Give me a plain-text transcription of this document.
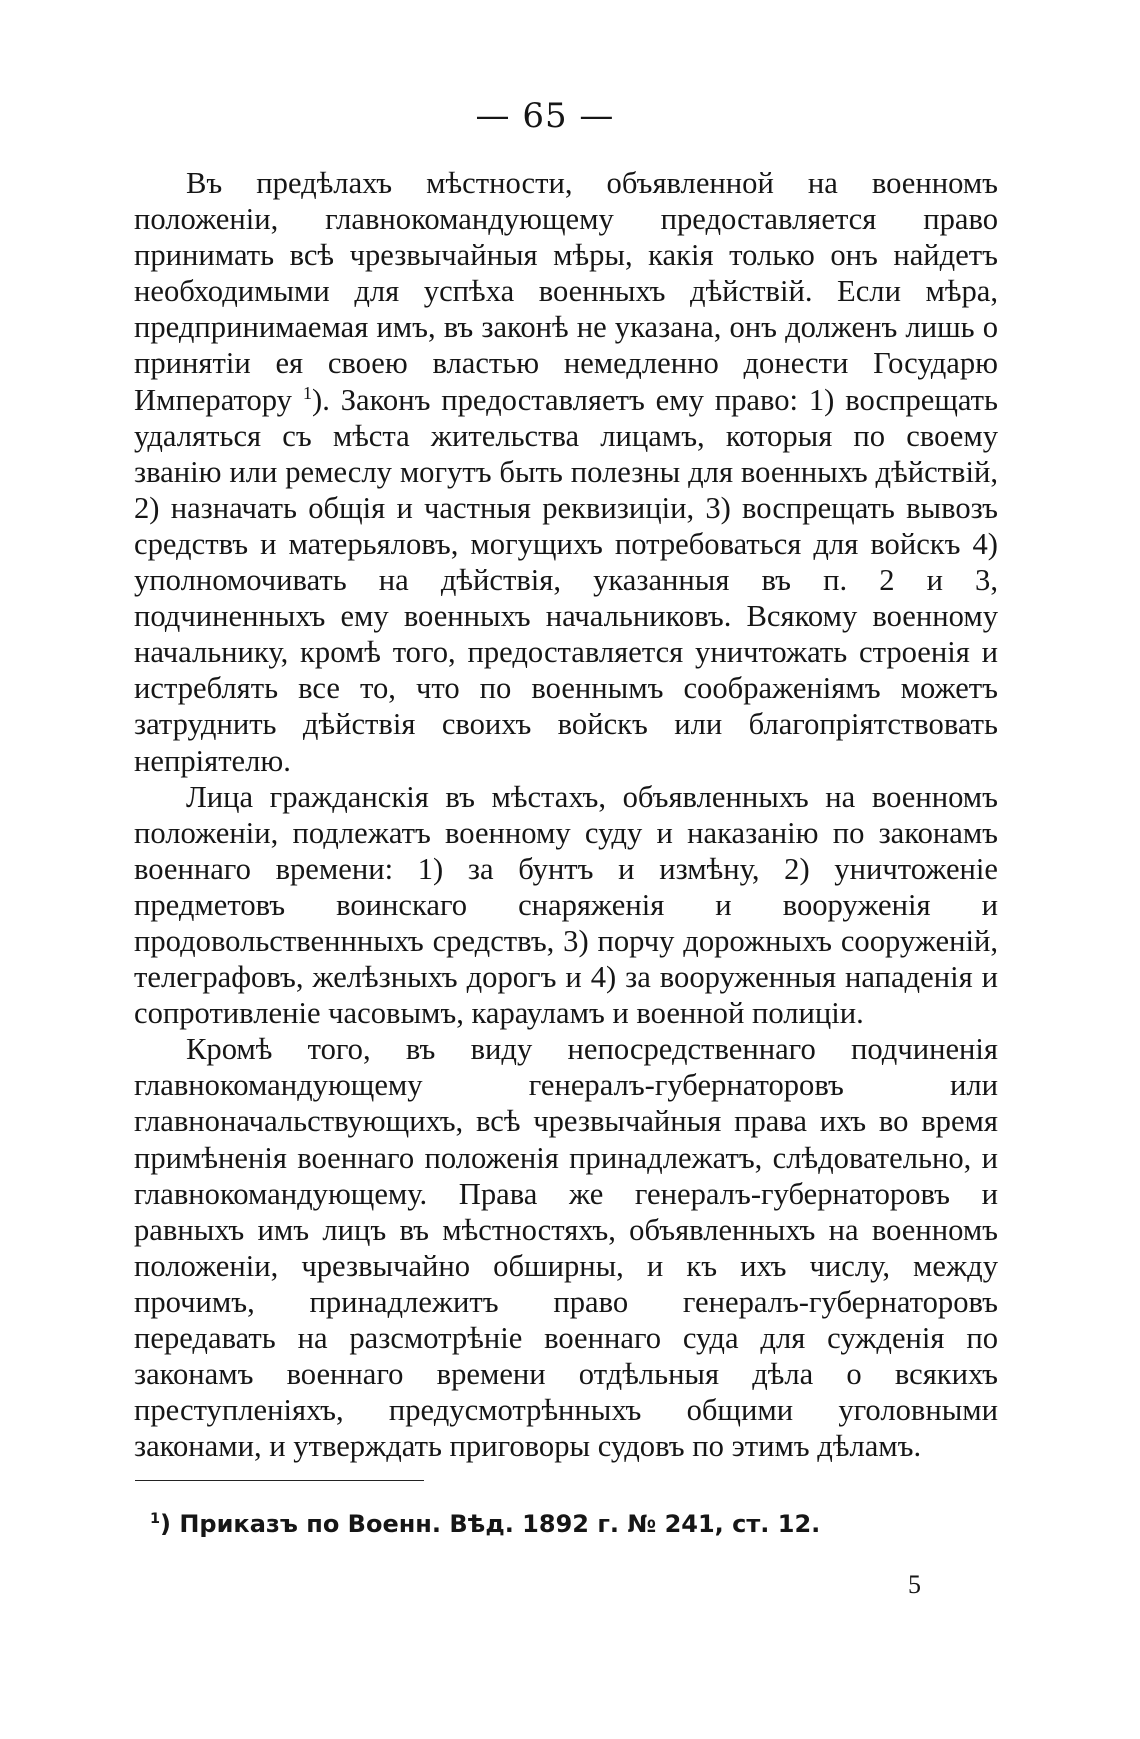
— 65 —

Въ предѣлахъ мѣстности, объявленной на военномъ положеніи, главнокомандующему предоставляется право принимать всѣ чрезвычайныя мѣры, какія только онъ найдетъ необходимыми для успѣха военныхъ дѣйствій. Если мѣра, предпринимаемая имъ, въ законѣ не указана, онъ долженъ лишь о принятіи ея своею властью немедленно донести Государю Императору $^1$). Законъ предоставляетъ ему право: 1) воспрещать удаляться съ мѣста жительства лицамъ, которыя по своему званію или ремеслу могутъ быть полезны для военныхъ дѣйствій, 2) назначать общія и частныя реквизиціи, 3) воспрещать вывозъ средствъ и матерьяловъ, могущихъ потребоваться для войскъ 4) уполномочивать на дѣйствія, указанныя въ п. 2 и 3, подчиненныхъ ему военныхъ начальниковъ. Всякому военному начальнику, кромѣ того, предоставляется уничтожать строенія и истреблять все то, что по военнымъ соображеніямъ можетъ затруднить дѣйствія своихъ войскъ или благопріятствовать непріятелю.

Лица гражданскія въ мѣстахъ, объявленныхъ на военномъ положеніи, подлежатъ военному суду и наказанію по законамъ военнаго времени: 1) за бунтъ и измѣну, 2) уничтоженіе предметовъ воинскаго снаряженія и вооруженія и продовольственнныхъ средствъ, 3) порчу дорожныхъ сооруженій, телеграфовъ, желѣзныхъ дорогъ и 4) за вооруженныя нападенія и сопротивленіе часовымъ, карауламъ и военной полиціи.

Кромѣ того, въ виду непосредственнаго подчиненія главнокомандующему генералъ-губернаторовъ или главноначальствующихъ, всѣ чрезвычайныя права ихъ во время примѣненія военнаго положенія принадлежатъ, слѣдовательно, и главнокомандующему. Права же генералъ-губернаторовъ и равныхъ имъ лицъ въ мѣстностяхъ, объявленныхъ на военномъ положеніи, чрезвычайно обширны, и къ ихъ числу, между прочимъ, принадлежитъ право генералъ-губернаторовъ передавать на разсмотрѣніе военнаго суда для сужденія по законамъ военнаго времени отдѣльныя дѣла о всякихъ преступленіяхъ, предусмотрѣнныхъ общими уголовными законами, и утверждать приговоры судовъ по этимъ дѣламъ.

$^1$) Приказъ по Военн. Вѣд. 1892 г. № 241, ст. 12.
5
